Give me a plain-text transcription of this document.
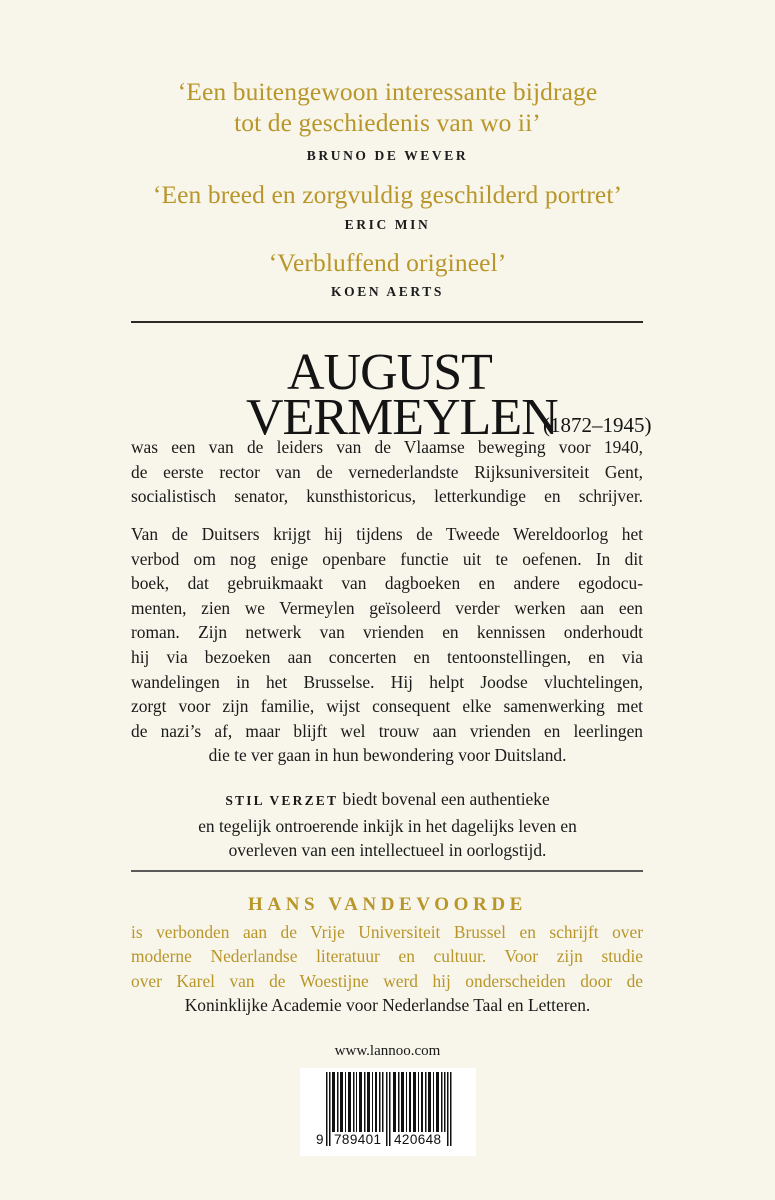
‘Een buitengewoon interessante bijdrage
tot de geschiedenis van wo ii’
BRUNO DE WEVER
‘Een breed en zorgvuldig geschilderd portret’
ERIC MIN
‘Verbluffend origineel’
KOEN AERTS
AUGUST
VERMEYLEN
(1872–1945)
was een van de leiders van de Vlaamse beweging voor 1940,
de eerste rector van de vernederlandste Rijksuniversiteit Gent,
socialistisch senator, kunsthistoricus, letterkundige en schrijver.
Van de Duitsers krijgt hij tijdens de Tweede Wereldoorlog het
verbod om nog enige openbare functie uit te oefenen. In dit
boek, dat gebruikmaakt van dagboeken en andere egodocu-
menten, zien we Vermeylen geïsoleerd verder werken aan een
roman. Zijn netwerk van vrienden en kennissen onderhoudt
hij via bezoeken aan concerten en tentoonstellingen, en via
wandelingen in het Brusselse. Hij helpt Joodse vluchtelingen,
zorgt voor zijn familie, wijst consequent elke samenwerking met
de nazi’s af, maar blijft wel trouw aan vrienden en leerlingen
die te ver gaan in hun bewondering voor Duitsland.
STIL VERZET biedt bovenal een authentieke
en tegelijk ontroerende inkijk in het dagelijks leven en
overleven van een intellectueel in oorlogstijd.
HANS VANDEVOORDE
is verbonden aan de Vrije Universiteit Brussel en schrijft over
moderne Nederlandse literatuur en cultuur. Voor zijn studie
over Karel van de Woestijne werd hij onderscheiden door de
Koninklijke Academie voor Nederlandse Taal en Letteren.
www.lannoo.com
9 789401 420648
